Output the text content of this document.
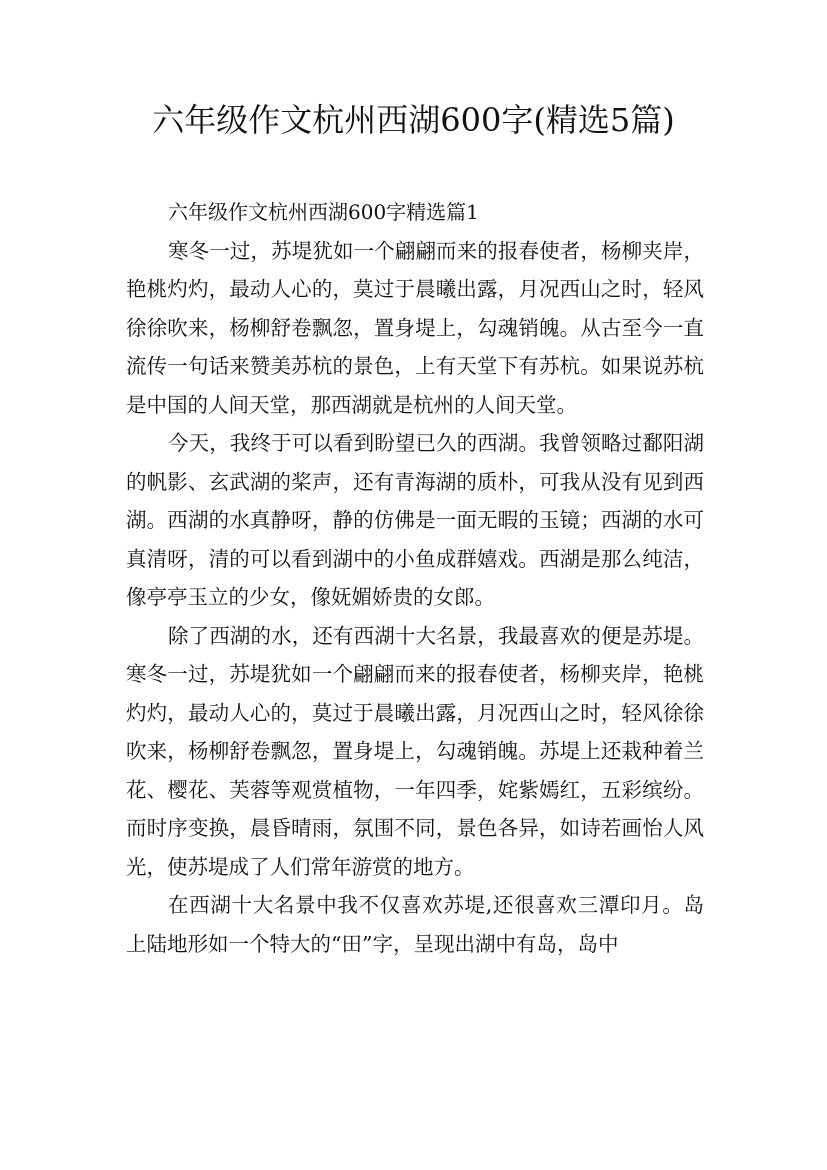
六年级作文杭州西湖600字(精选5篇)

六年级作文杭州西湖600字精选篇1

寒冬一过，苏堤犹如一个翩翩而来的报春使者，杨柳夹岸，艳桃灼灼，最动人心的，莫过于晨曦出露，月况西山之时，轻风徐徐吹来，杨柳舒卷飘忽，置身堤上，勾魂销魄。从古至今一直流传一句话来赞美苏杭的景色，上有天堂下有苏杭。如果说苏杭是中国的人间天堂，那西湖就是杭州的人间天堂。

今天，我终于可以看到盼望已久的西湖。我曾领略过鄱阳湖的帆影、玄武湖的桨声，还有青海湖的质朴，可我从没有见到西湖。西湖的水真静呀，静的仿佛是一面无暇的玉镜；西湖的水可真清呀，清的可以看到湖中的小鱼成群嬉戏。西湖是那么纯洁，像亭亭玉立的少女，像妩媚娇贵的女郎。

除了西湖的水，还有西湖十大名景，我最喜欢的便是苏堤。寒冬一过，苏堤犹如一个翩翩而来的报春使者，杨柳夹岸，艳桃灼灼，最动人心的，莫过于晨曦出露，月况西山之时，轻风徐徐吹来，杨柳舒卷飘忽，置身堤上，勾魂销魄。苏堤上还栽种着兰花、樱花、芙蓉等观赏植物，一年四季，姹紫嫣红，五彩缤纷。而时序变换，晨昏晴雨，氛围不同，景色各异，如诗若画怡人风光，使苏堤成了人们常年游赏的地方。

在西湖十大名景中我不仅喜欢苏堤,还很喜欢三潭印月。岛上陆地形如一个特大的“田”字，呈现出湖中有岛，岛中
